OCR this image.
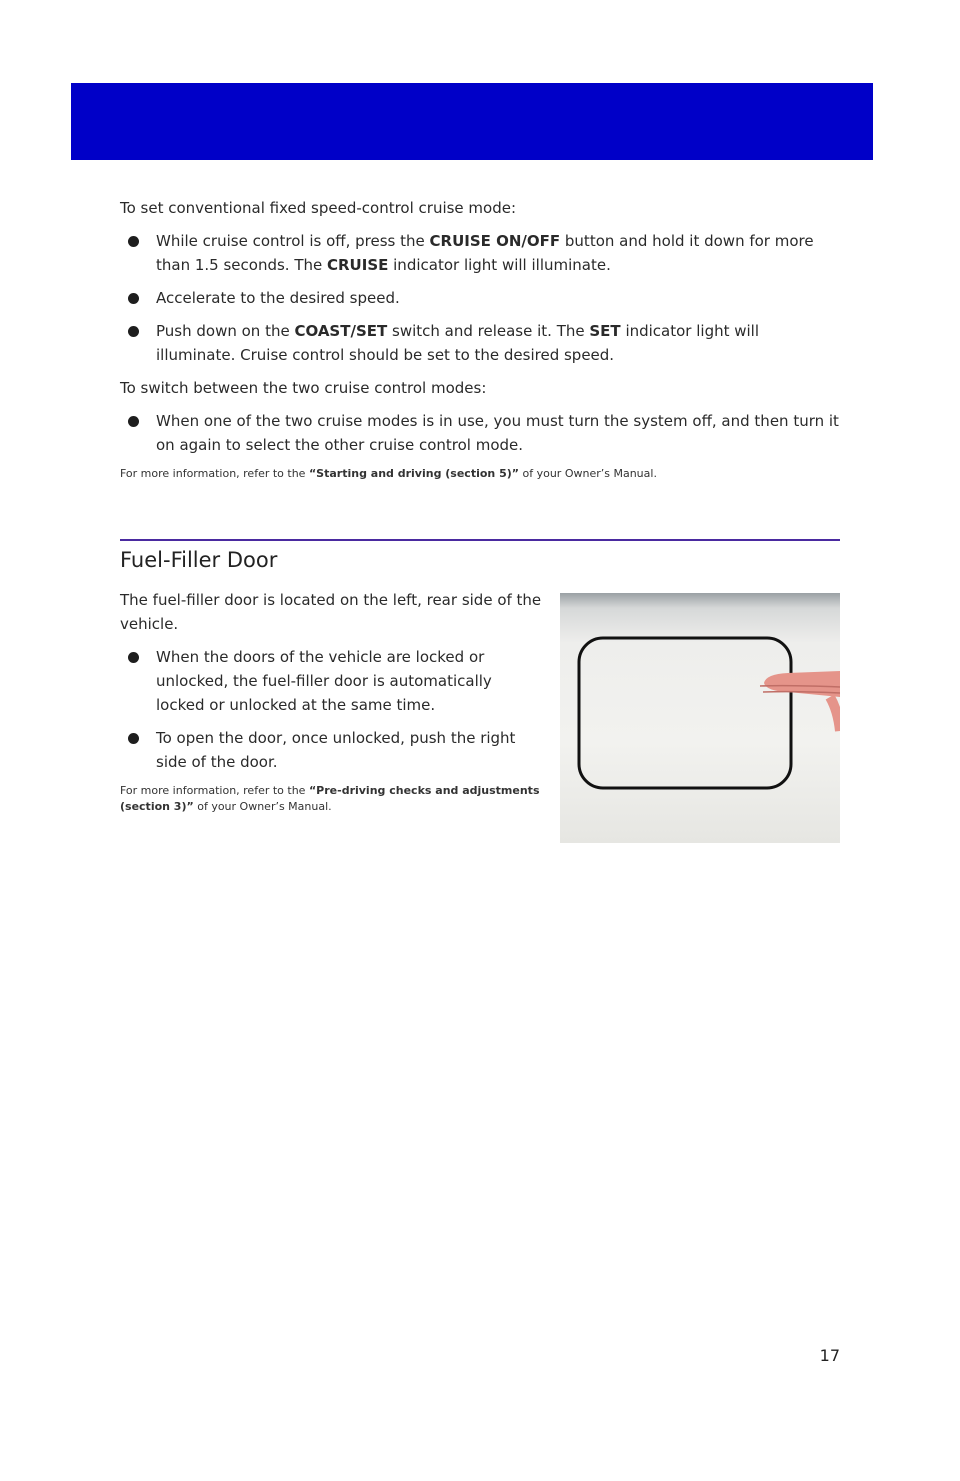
To set conventional fixed speed-control cruise mode:

While cruise control is off, press the CRUISE ON/OFF button and hold it down for more than 1.5 seconds. The CRUISE indicator light will illuminate.
Accelerate to the desired speed.
Push down on the COAST/SET switch and release it. The SET indicator light will illuminate. Cruise control should be set to the desired speed.

To switch between the two cruise control modes:

When one of the two cruise modes is in use, you must turn the system off, and then turn it on again to select the other cruise control mode.

For more information, refer to the “Starting and driving (section 5)” of your Owner’s Manual.

Fuel-Filler Door

The fuel-filler door is located on the left, rear side of the vehicle.

When the doors of the vehicle are locked or unlocked, the fuel-filler door is automatically locked or unlocked at the same time.
To open the door, once unlocked, push the right side of the door.

For more information, refer to the “Pre-driving checks and adjustments (section 3)” of your Owner’s Manual.

17
